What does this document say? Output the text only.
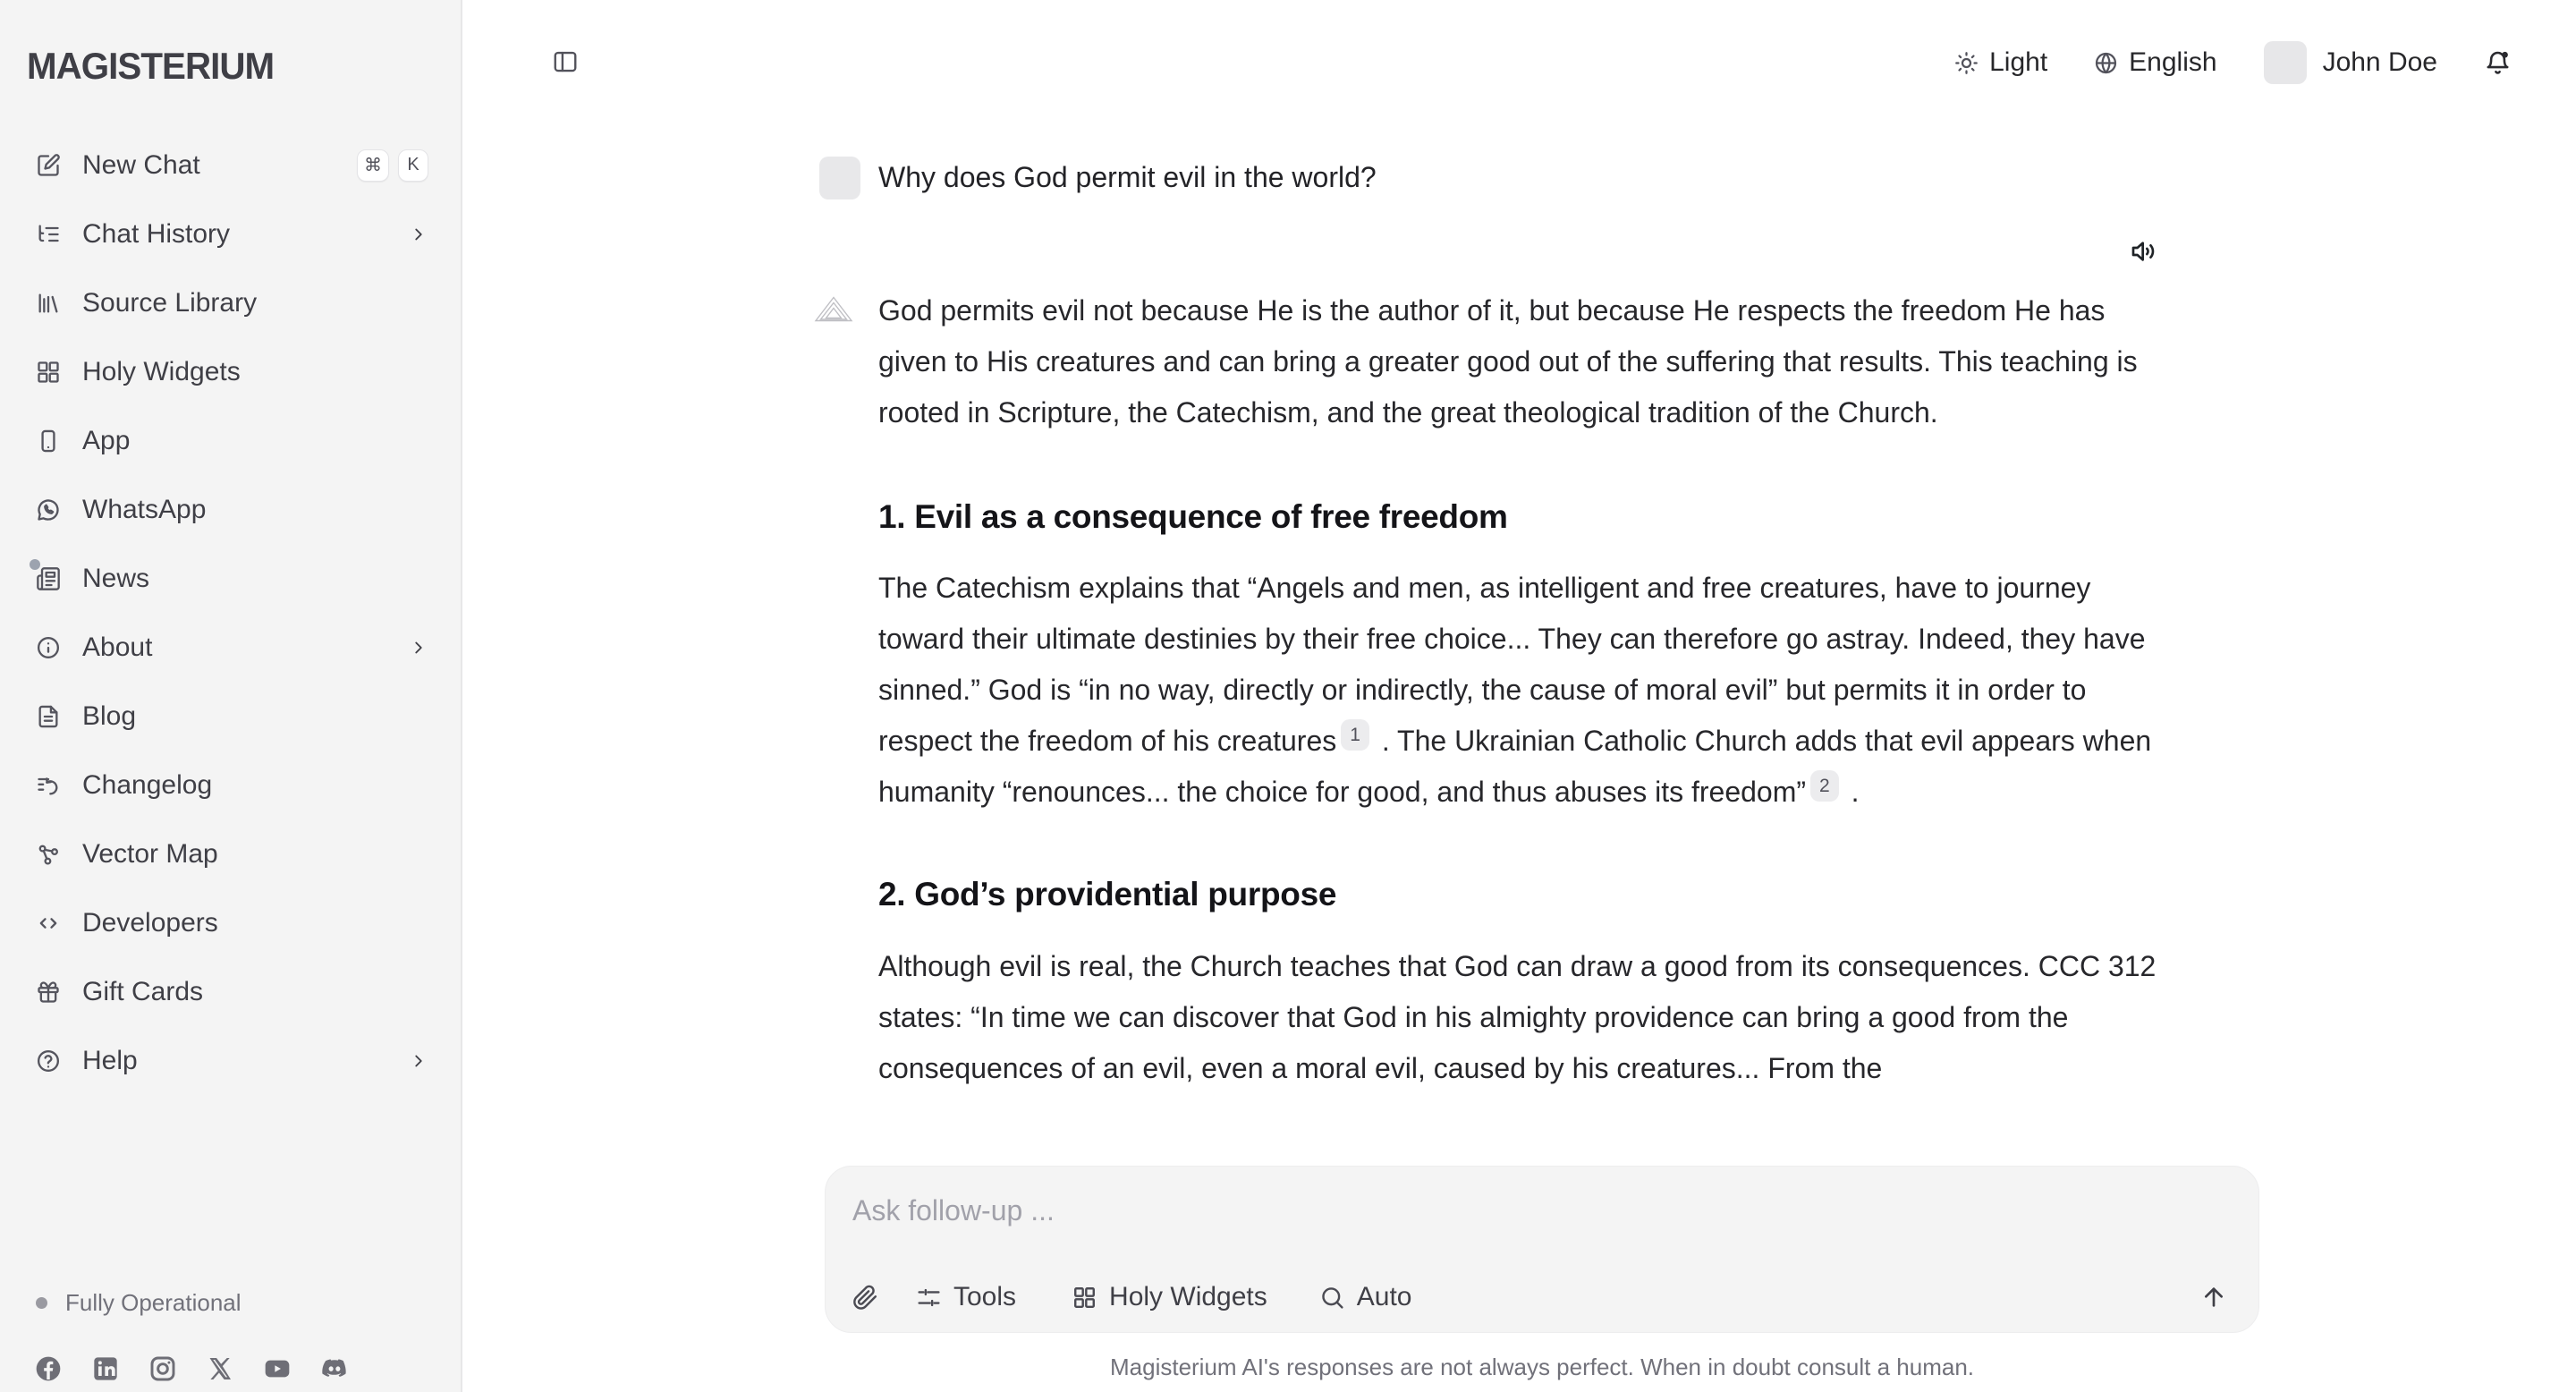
MAGISTERIUM
New Chat	⌘	K
Chat History
Source Library
Holy Widgets
App
WhatsApp
News
About
Blog
Changelog
Vector Map
Developers
Gift Cards
Help
Fully Operational
Light	English	John Doe
Why does God permit evil in the world?

God permits evil not because He is the author of it, but because He respects the freedom He has given to His creatures and can bring a greater good out of the suffering that results. This teaching is rooted in Scripture, the Catechism, and the great theological tradition of the Church.

1. Evil as a consequence of free freedom

The Catechism explains that “Angels and men, as intelligent and free creatures, have to journey toward their ultimate destinies by their free choice... They can therefore go astray. Indeed, they have sinned.” God is “in no way, directly or indirectly, the cause of moral evil” but permits it in order to respect the freedom of his creatures 1 . The Ukrainian Catholic Church adds that evil appears when humanity “renounces... the choice for good, and thus abuses its freedom” 2 .

2. God’s providential purpose

Although evil is real, the Church teaches that God can draw a good from its consequences. CCC 312 states: “In time we can discover that God in his almighty providence can bring a good from the consequences of an evil, even a moral evil, caused by his creatures... From the

Ask follow-up ...
Tools	Holy Widgets	Auto
Magisterium AI's responses are not always perfect. When in doubt consult a human.
